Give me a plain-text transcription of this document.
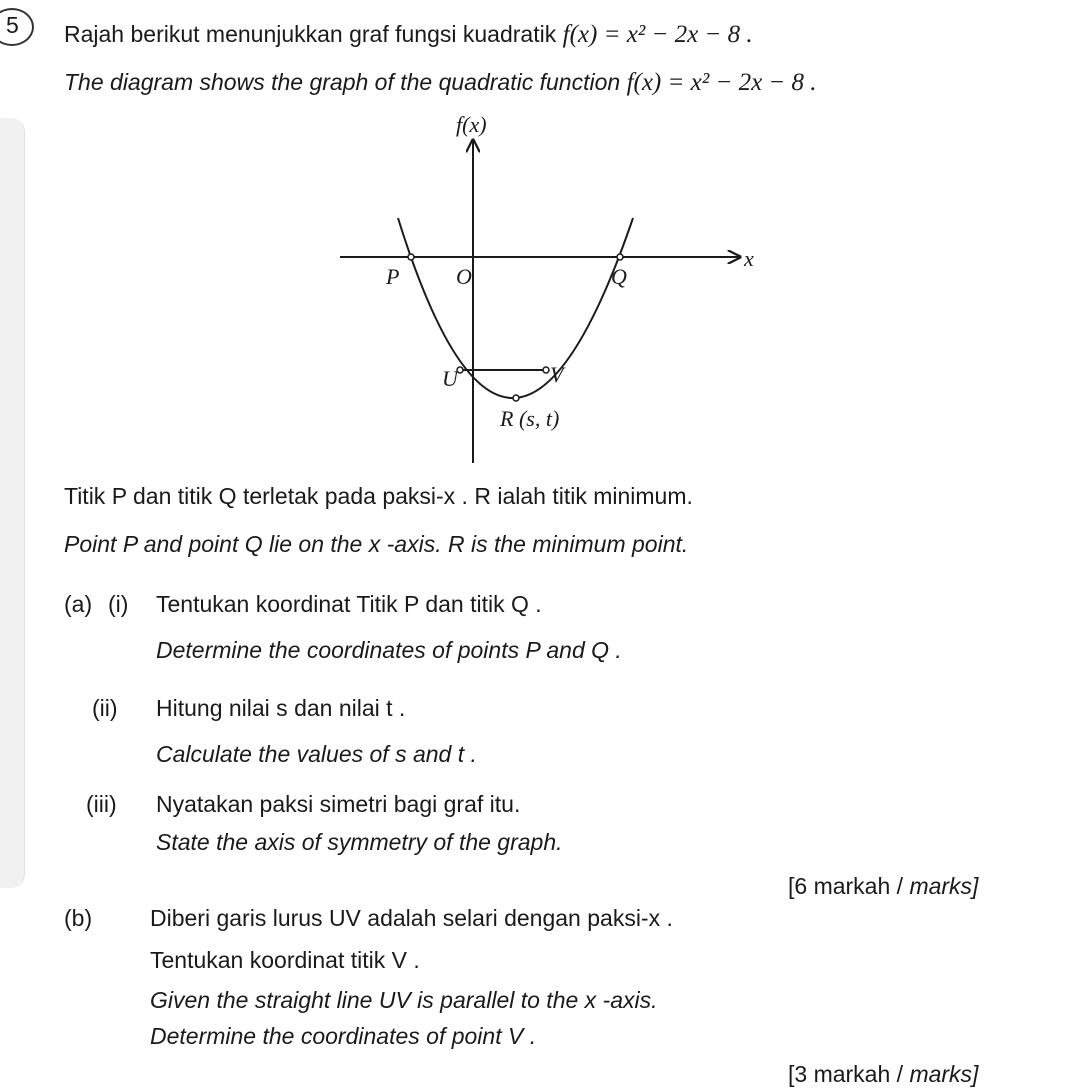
5 Rajah berikut menunjukkan graf fungsi kuadratik f(x) = x² − 2x − 8 .
The diagram shows the graph of the quadratic function f(x) = x² − 2x − 8 .
f(x)
x
P	O	Q
U	V
R (s, t)
Titik P dan titik Q terletak pada paksi-x . R ialah titik minimum.
Point P and point Q lie on the x -axis. R is the minimum point.
(a) (i) Tentukan koordinat Titik P dan titik Q .
Determine the coordinates of points P and Q .
(ii) Hitung nilai s dan nilai t .
Calculate the values of s and t .
(iii) Nyatakan paksi simetri bagi graf itu.
State the axis of symmetry of the graph.
[6 markah / marks]
(b)	Diberi garis lurus UV adalah selari dengan paksi-x .
Tentukan koordinat titik V .
Given the straight line UV is parallel to the x -axis.
Determine the coordinates of point V .
[3 markah / marks]
